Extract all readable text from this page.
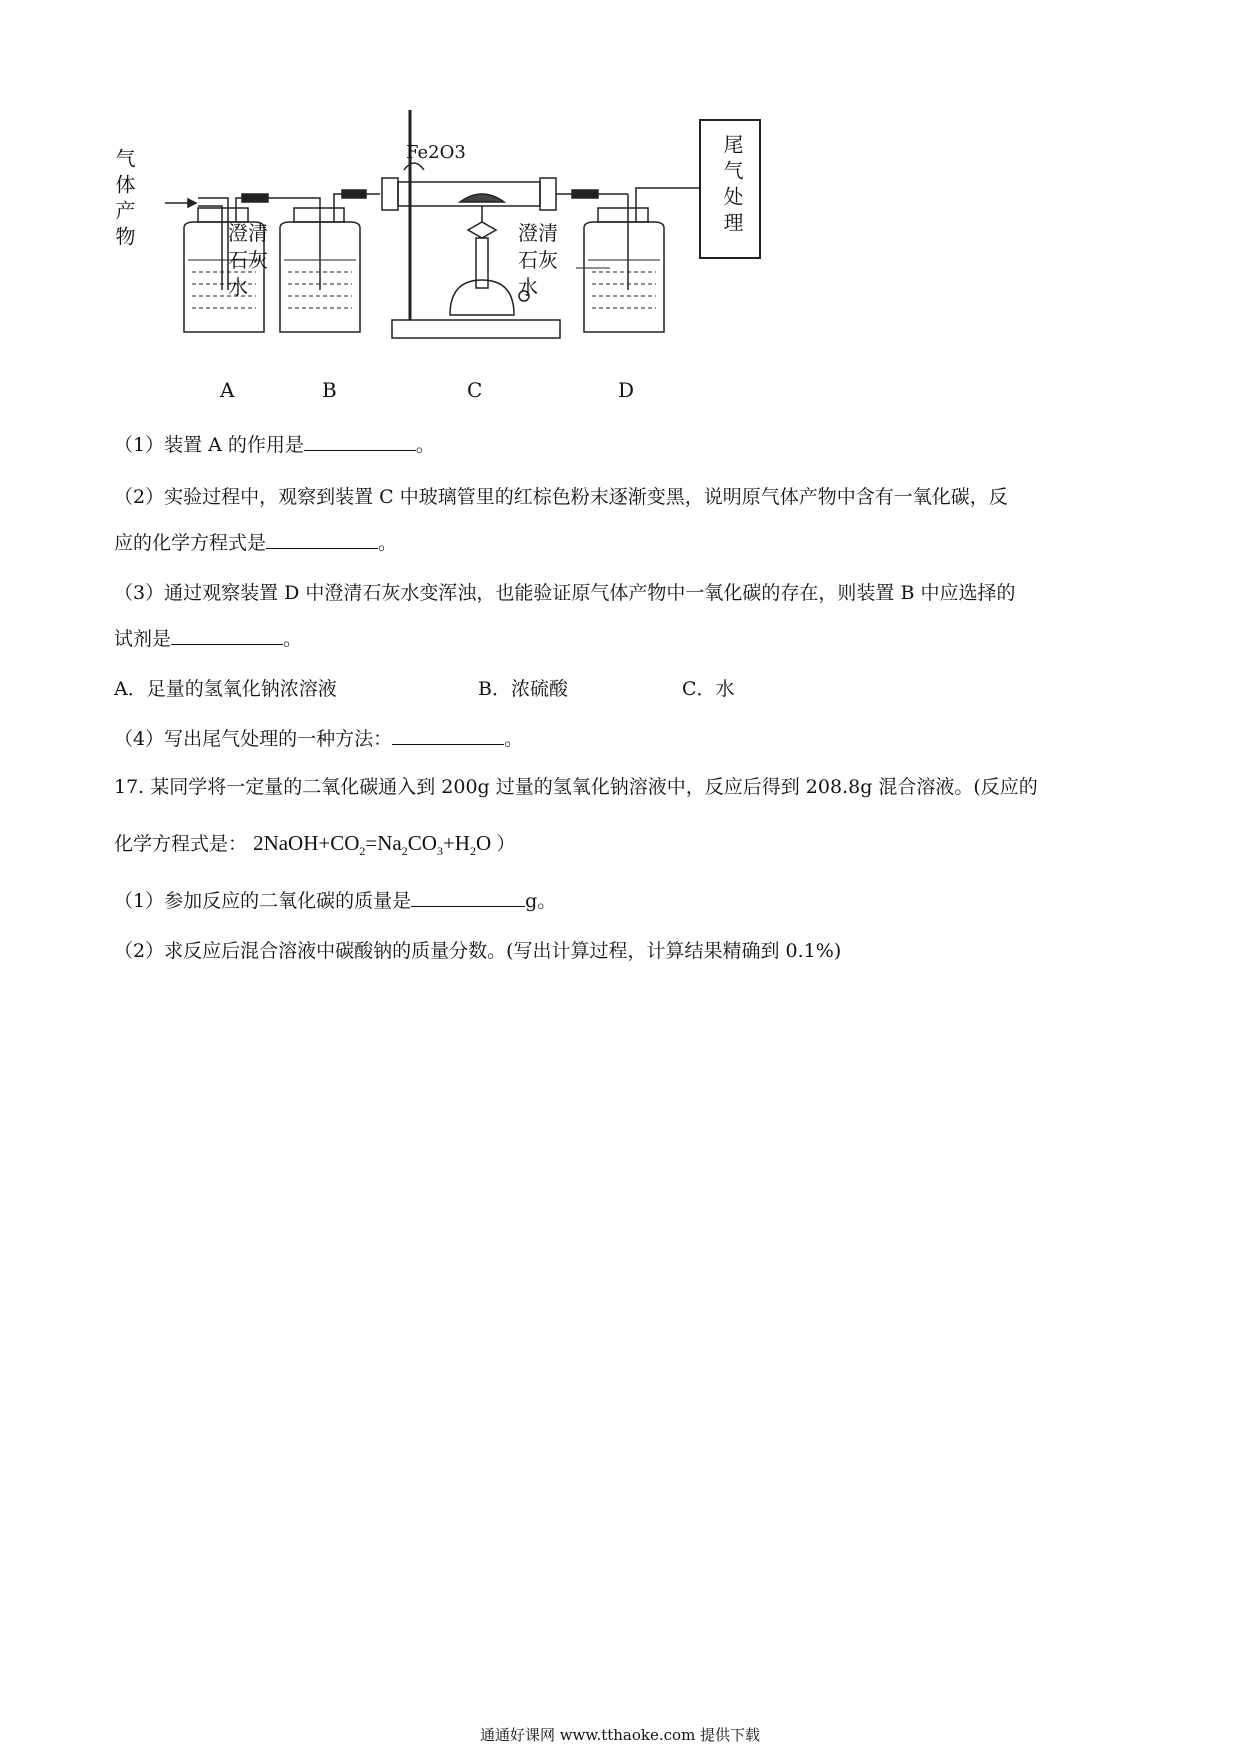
气体产物	澄清石灰水
Fe2O3
澄清石灰水
尾气处理
A	B	C	D
（1）装置 A 的作用是	。
（2）实验过程中，观察到装置 C 中玻璃管里的红棕色粉末逐渐变黑，说明原气体产物中含有一氧化碳，反
应的化学方程式是	。
（3）通过观察装置 D 中澄清石灰水变浑浊，也能验证原气体产物中一氧化碳的存在，则装置 B 中应选择的
试剂是	。
A．足量的氢氧化钠浓溶液	B．浓硫酸	C．水
（4）写出尾气处理的一种方法：	。
17. 某同学将一定量的二氧化碳通入到 200g 过量的氢氧化钠溶液中，反应后得到 208.8g 混合溶液。(反应的
化学方程式是： $2NaOH+CO_2=Na_2CO_3+H_2O$ ）
（1）参加反应的二氧化碳的质量是	g。
（2）求反应后混合溶液中碳酸钠的质量分数。(写出计算过程，计算结果精确到 0.1%)
通通好课网 www.tthaoke.com 提供下载
